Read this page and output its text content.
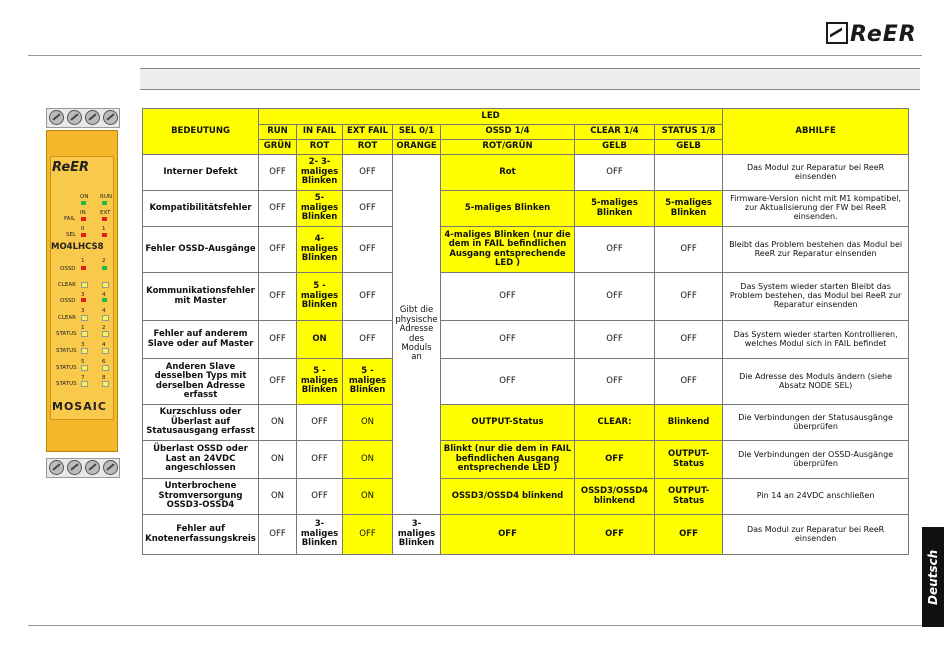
ReER
Deutsch
ReER
ON RUN
IN	EXT
FAIL
0	1
SEL
MO4LHCS8
1	2
OSSD
CLEAR
3	4
OSSD
3	4
CLEAR
1	2
STATUS
3	4
STATUS
5	6
STATUS
7	8
STATUS
MOSAIC
BEDEUTUNG	LED							ABHILFE
	RUN	IN FAIL	EXT FAIL	SEL 0/1	OSSD 1/4	CLEAR 1/4	STATUS 1/8	
	GRÜN	ROT	ROT	ORANGE	ROT/GRÜN	GELB	GELB	
Interner Defekt	OFF	2- 3-maliges Blinken	OFF	Gibt die physische Adresse des Moduls an	Rot	OFF		Das Modul zur Reparatur bei ReeR einsenden
Kompatibilitätsfehler	OFF	5-maliges Blinken	OFF		5-maliges Blinken	5-maliges Blinken	5-maliges Blinken	Firmware-Version nicht mit M1 kompatibel, zur Aktualisierung der FW bei ReeR einsenden.
Fehler OSSD-Ausgänge	OFF	4-maliges Blinken	OFF		4-maliges Blinken (nur die dem in FAIL befindlichen Ausgang entsprechende LED )	OFF	OFF	Bleibt das Problem bestehen das Modul bei ReeR zur Reparatur einsenden
Kommunikationsfehler mit Master	OFF	5 - maliges Blinken	OFF		OFF	OFF	OFF	Das System wieder starten Bleibt das Problem bestehen, das Modul bei ReeR zur Reparatur einsenden
Fehler auf anderem Slave oder auf Master	OFF	ON	OFF		OFF	OFF	OFF	Das System wieder starten Kontrollieren, welches Modul sich in FAIL befindet
Anderen Slave desselben Typs mit derselben Adresse erfasst	OFF	5 - maliges Blinken	5 -maliges Blinken		OFF	OFF	OFF	Die Adresse des Moduls ändern (siehe Absatz NODE SEL)
Kurzschluss oder Überlast auf Statusausgang erfasst	ON	OFF	ON		OUTPUT-Status	CLEAR:	Blinkend	Die Verbindungen der Statusausgänge überprüfen
Überlast OSSD oder Last an 24VDC angeschlossen	ON	OFF	ON		Blinkt (nur die dem in FAIL befindlichen Ausgang entsprechende LED )	OFF	OUTPUT-Status	Die Verbindungen der OSSD-Ausgänge überprüfen
Unterbrochene Stromversorgung OSSD3-OSSD4	ON	OFF	ON		OSSD3/OSSD4 blinkend	OSSD3/OSSD4 blinkend	OUTPUT-Status	Pin 14 an 24VDC anschließen
Fehler auf Knotenerfassungskreis	OFF	3-maliges Blinken	OFF	3-maliges Blinken	OFF	OFF	OFF	Das Modul zur Reparatur bei ReeR einsenden
